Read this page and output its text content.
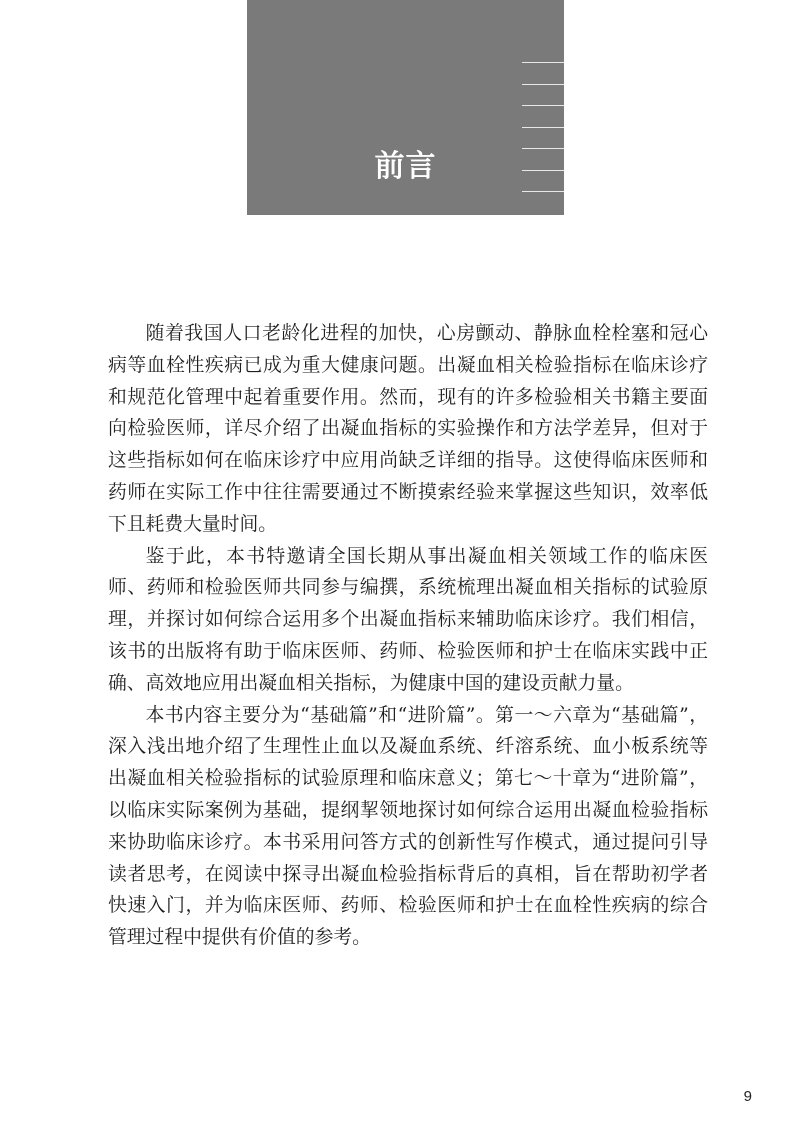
前言

随着我国人口老龄化进程的加快，心房颤动、静脉血栓栓塞和冠心病等血栓性疾病已成为重大健康问题。出凝血相关检验指标在临床诊疗和规范化管理中起着重要作用。然而，现有的许多检验相关书籍主要面向检验医师，详尽介绍了出凝血指标的实验操作和方法学差异，但对于这些指标如何在临床诊疗中应用尚缺乏详细的指导。这使得临床医师和药师在实际工作中往往需要通过不断摸索经验来掌握这些知识，效率低下且耗费大量时间。

鉴于此，本书特邀请全国长期从事出凝血相关领域工作的临床医师、药师和检验医师共同参与编撰，系统梳理出凝血相关指标的试验原理，并探讨如何综合运用多个出凝血指标来辅助临床诊疗。我们相信，该书的出版将有助于临床医师、药师、检验医师和护士在临床实践中正确、高效地应用出凝血相关指标，为健康中国的建设贡献力量。

本书内容主要分为“基础篇”和“进阶篇”。第一～六章为“基础篇”，深入浅出地介绍了生理性止血以及凝血系统、纤溶系统、血小板系统等出凝血相关检验指标的试验原理和临床意义；第七～十章为“进阶篇”，以临床实际案例为基础，提纲挈领地探讨如何综合运用出凝血检验指标来协助临床诊疗。本书采用问答方式的创新性写作模式，通过提问引导读者思考，在阅读中探寻出凝血检验指标背后的真相，旨在帮助初学者快速入门，并为临床医师、药师、检验医师和护士在血栓性疾病的综合管理过程中提供有价值的参考。

9
